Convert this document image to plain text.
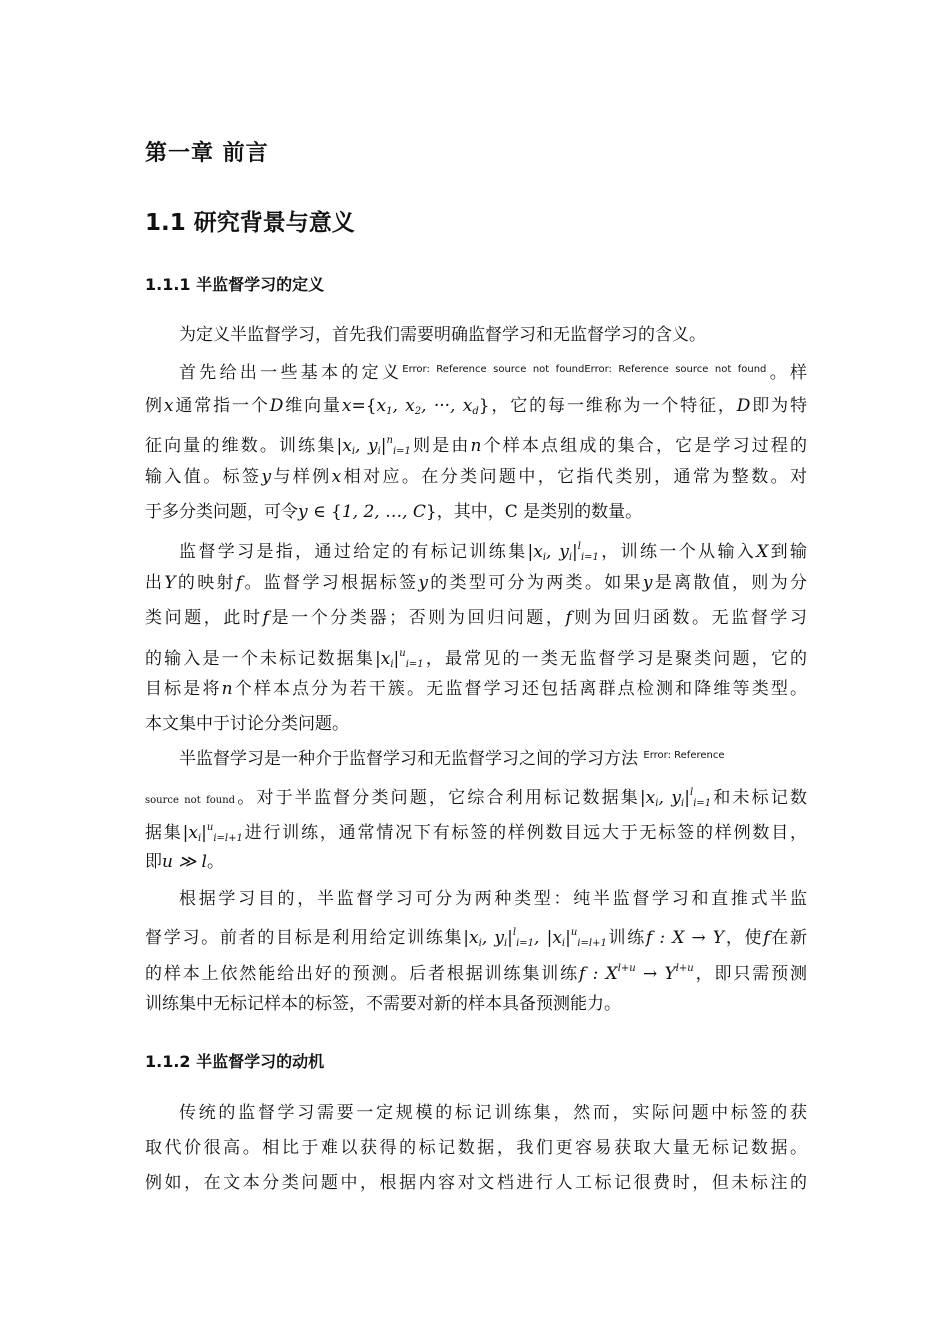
第一章 前言
1.1 研究背景与意义
1.1.1 半监督学习的定义
为定义半监督学习，首先我们需要明确监督学习和无监督学习的含义。
首先给出一些基本的定义$^{Error: Reference source not foundError: Reference source not found}$。样
例x通常指一个D维向量$x=\{x_1$, $x_2$, ···, $x_d$}，它的每一维称为一个特征，D即为特
征向量的维数。训练集$|x_i$, $y_i|^n_{i=1}$则是由n个样本点组成的集合，它是学习过程的
输入值。标签y与样例x相对应。在分类问题中，它指代类别，通常为整数。对
于多分类问题，可令y ∈ {1, 2, …, C}，其中，C 是类别的数量。
监督学习是指，通过给定的有标记训练集$|x_i$, $y_i|^l_{i=1}$，训练一个从输入X到输
出Y的映射f。监督学习根据标签y的类型可分为两类。如果y是离散值，则为分
类问题，此时f是一个分类器；否则为回归问题，f则为回归函数。无监督学习
的输入是一个未标记数据集$|x_i|^u_{i=1}$，最常见的一类无监督学习是聚类问题，它的
目标是将n个样本点分为若干簇。无监督学习还包括离群点检测和降维等类型。
本文集中于讨论分类问题。
半监督学习是一种介于监督学习和无监督学习之间的学习方法 $^{Error: Reference}$
source not found。对于半监督分类问题，它综合利用标记数据集$|x_i$, $y_i|^l_{i=1}$和未标记数
据集$|x_i|^u_{i=l+1}$进行训练，通常情况下有标签的样例数目远大于无标签的样例数目，
即u ≫ l。
根据学习目的，半监督学习可分为两种类型：纯半监督学习和直推式半监
督学习。前者的目标是利用给定训练集$|x_i$, $y_i|^l_{i=1}$, $|x_i|^u_{i=l+1}$训练f : X → Y，使f在新
的样本上依然能给出好的预测。后者根据训练集训练f : $X^{l+u} \to Y^{l+u}$，即只需预测
训练集中无标记样本的标签，不需要对新的样本具备预测能力。
1.1.2 半监督学习的动机
传统的监督学习需要一定规模的标记训练集，然而，实际问题中标签的获
取代价很高。相比于难以获得的标记数据，我们更容易获取大量无标记数据。
例如，在文本分类问题中，根据内容对文档进行人工标记很费时，但未标注的
